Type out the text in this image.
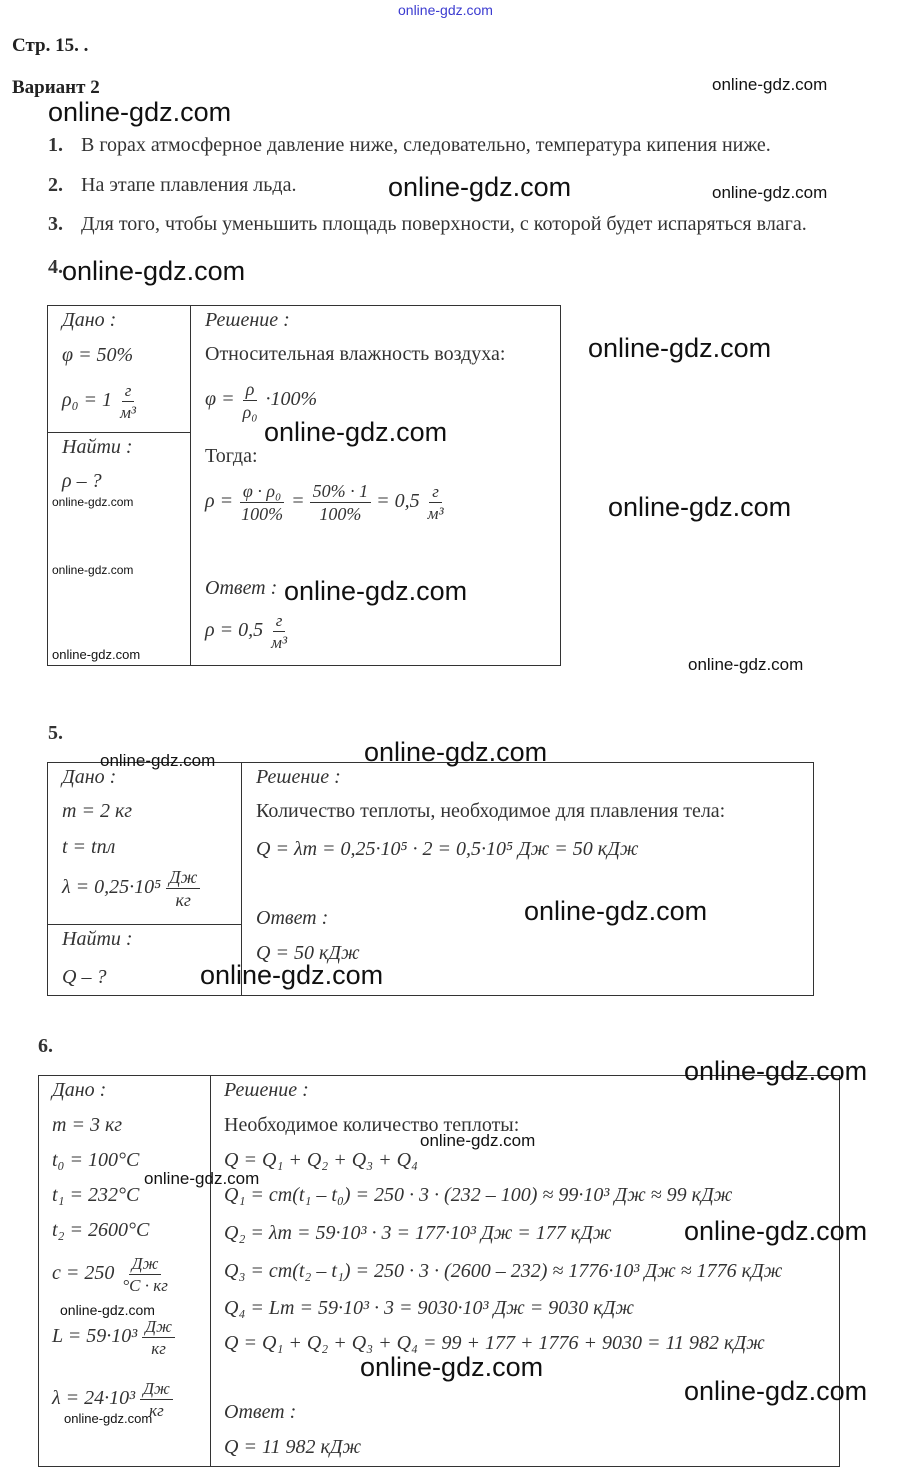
online-gdz.com
Стр. 15. .
Вариант 2
1. В горах атмосферное давление ниже, следовательно, температура кипения ниже.
2. На этапе плавления льда.
3. Для того, чтобы уменьшить площадь поверхности, с которой будет испаряться влага.
4.
Дано :
φ = 50%
$\rho_0 = 1 \frac{г}{\text{м³}}$
Найти :
ρ – ?
Решение :
Относительная влажность воздуха:
$\varphi = \frac{\rho}{\text{ρ₀}} \cdot 100\%$
Тогда:
$\rho = \frac{\text{φ · ρ₀}}{100\%} = \frac{50\% \cdot 1}{100\%} = 0,5 \frac{г}{\text{м³}}$
Ответ :
$\rho = 0,5 \frac{г}{\text{м³}}$
5.
Дано :
m = 2 кг
t = tпл
$\lambda = 0,25\cdot 10^5 \frac{Дж}{кг}$
Найти :
Q – ?
Решение :
Количество теплоты, необходимое для плавления тела:
Q = λm = 0,25·10⁵ · 2 = 0,5·10⁵ Дж = 50 кДж
Ответ :
Q = 50 кДж
6.
Дано :
m = 3 кг
t₀ = 100°C
t₁ = 232°C
t₂ = 2600°C
$c = 250 \frac{Дж}{^\circ C \cdot кг}$
$L = 59\cdot 10^3 \frac{Дж}{кг}$
$\lambda = 24\cdot 10^3 \frac{Дж}{кг}$
Решение :
Необходимое количество теплоты:
Q = Q₁ + Q₂ + Q₃ + Q₄
Q₁ = cm(t₁ – t₀) = 250 · 3 · (232 – 100) ≈ 99·10³ Дж ≈ 99 кДж
Q₂ = λm = 59·10³ · 3 = 177·10³ Дж = 177 кДж
Q₃ = cm(t₂ – t₁) = 250 · 3 · (2600 – 232) ≈ 1776·10³ Дж ≈ 1776 кДж
Q₄ = Lm = 59·10³ · 3 = 9030·10³ Дж = 9030 кДж
Q = Q₁ + Q₂ + Q₃ + Q₄ = 99 + 177 + 1776 + 9030 = 11 982 кДж
Ответ :
Q = 11 982 кДж
online-gdz.com
online-gdz.com
online-gdz.com	online-gdz.com
online-gdz.com
online-gdz.com
online-gdz.com
online-gdz.com	online-gdz.com
online-gdz.com
online-gdz.com
online-gdz.com
online-gdz.com
online-gdz.com	online-gdz.com
online-gdz.com
online-gdz.com
online-gdz.com
online-gdz.com
online-gdz.com
online-gdz.com
online-gdz.com
online-gdz.com
online-gdz.com
online-gdz.com
